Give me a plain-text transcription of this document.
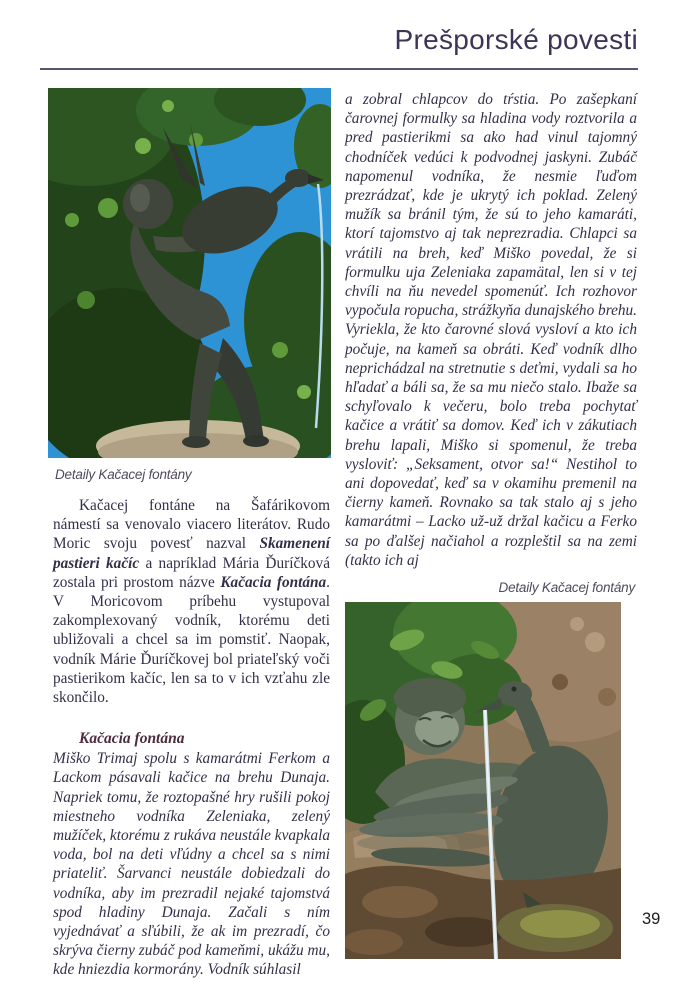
Prešporské povesti
Detaily Kačacej fontány

Kačacej fontáne na Šafárikovom námestí sa venovalo viacero literátov. Rudo Moric svoju povesť nazval Skamenení pastieri kačíc a napríklad Mária Ďuríčková zostala pri prostom názve Kačacia fontána. V Moricovom príbehu vystupoval zakomplexovaný vodník, ktorému deti ubližovali a chcel sa im pomstiť. Naopak, vodník Márie Ďuríčkovej bol priateľský voči pastierikom kačíc, len sa to v ich vzťahu zle skončilo.

Kačacia fontána

Miško Trimaj spolu s kamarátmi Ferkom a Lackom pásavali kačice na brehu Dunaja. Napriek tomu, že roztopašné hry rušili pokoj miestneho vodníka Zeleniaka, zelený mužíček, ktorému z rukáva neustále kvapkala voda, bol na deti vľúdny a chcel sa s nimi priateliť. Šarvanci neustále dobiedzali do vodníka, aby im prezradil nejaké tajomstvá spod hladiny Dunaja. Začali s ním vyjednávať a sľúbili, že ak im prezradí, čo skrýva čierny zubáč pod kameňmi, ukážu mu, kde hniezdia kormorány. Vodník súhlasil

a zobral chlapcov do tŕstia. Po zašepkaní čarovnej formulky sa hladina vody roztvorila a pred pastierikmi sa ako had vinul tajomný chodníček vedúci k podvodnej jaskyni. Zubáč napomenul vodníka, že nesmie ľuďom prezrádzať, kde je ukrytý ich poklad. Zelený mužík sa bránil tým, že sú to jeho kamaráti, ktorí tajomstvo aj tak neprezradia. Chlapci sa vrátili na breh, keď Miško povedal, že si formulku uja Zeleniaka zapamätal, len si v tej chvíli na ňu nevedel spomenúť. Ich rozhovor vypočula ropucha, strážkyňa dunajského brehu. Vyriekla, že kto čarovné slová vysloví a kto ich počuje, na kameň sa obráti. Keď vodník dlho neprichádzal na stretnutie s deťmi, vydali sa ho hľadať a báli sa, že sa mu niečo stalo. Ibaže sa schyľovalo k večeru, bolo treba pochytať kačice a vrátiť sa domov. Keď ich v zákutiach brehu lapali, Miško si spomenul, že treba vysloviť: „Seksament, otvor sa!“ Nestihol to ani dopovedať, keď sa v okamihu premenil na čierny kameň. Rovnako sa tak stalo aj s jeho kamarátmi – Lacko už-už držal kačicu a Ferko sa po ďalšej načiahol a rozpleštil sa na zemi (takto ich aj

Detaily Kačacej fontány
39
